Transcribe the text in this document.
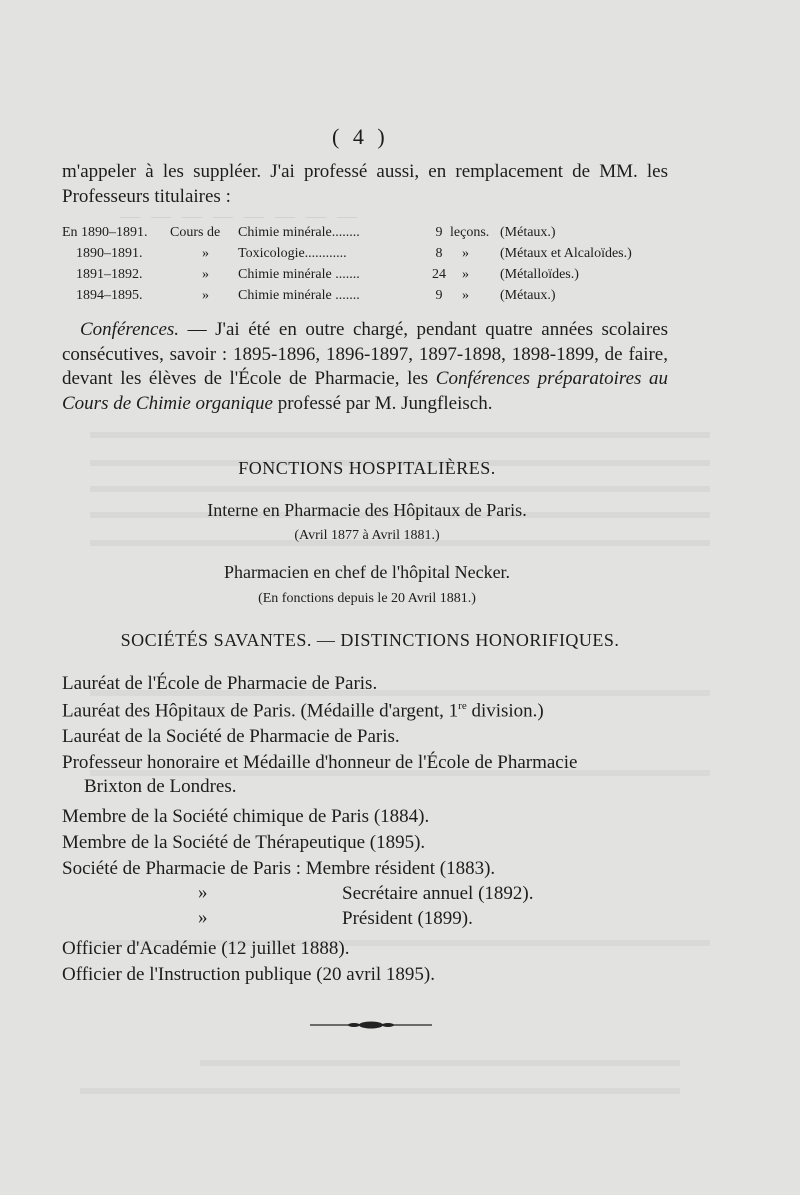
— — — — — — — —
( 4 )
m'appeler à les suppléer. J'ai professé aussi, en remplacement de MM. les Professeurs titulaires :
En 1890–1891. Cours de Chimie minérale........	9 leçons. (Métaux.)
1890–1891.	» Toxicologie............	8	» (Métaux et Alcaloïdes.)
1891–1892.	» Chimie minérale .......	24 » (Métalloïdes.)
1894–1895.	» Chimie minérale .......	9	» (Métaux.)
Conférences. — J'ai été en outre chargé, pendant quatre années scolaires consécutives, savoir : 1895-1896, 1896-1897, 1897-1898, 1898-1899, de faire, devant les élèves de l'École de Pharmacie, les Conférences préparatoires au Cours de Chimie organique professé par M. Jungfleisch.
FONCTIONS HOSPITALIÈRES.
Interne en Pharmacie des Hôpitaux de Paris.
(Avril 1877 à Avril 1881.)
Pharmacien en chef de l'hôpital Necker.
(En fonctions depuis le 20 Avril 1881.)
SOCIÉTÉS SAVANTES. — DISTINCTIONS HONORIFIQUES.
Lauréat de l'École de Pharmacie de Paris.
Lauréat des Hôpitaux de Paris. (Médaille d'argent, 1re division.)
Lauréat de la Société de Pharmacie de Paris.
Professeur honoraire et Médaille d'honneur de l'École de Pharmacie
Brixton de Londres.
Membre de la Société chimique de Paris (1884).
Membre de la Société de Thérapeutique (1895).
Société de Pharmacie de Paris : Membre résident (1883).
»	Secrétaire annuel (1892).
»	Président (1899).
Officier d'Académie (12 juillet 1888).
Officier de l'Instruction publique (20 avril 1895).
